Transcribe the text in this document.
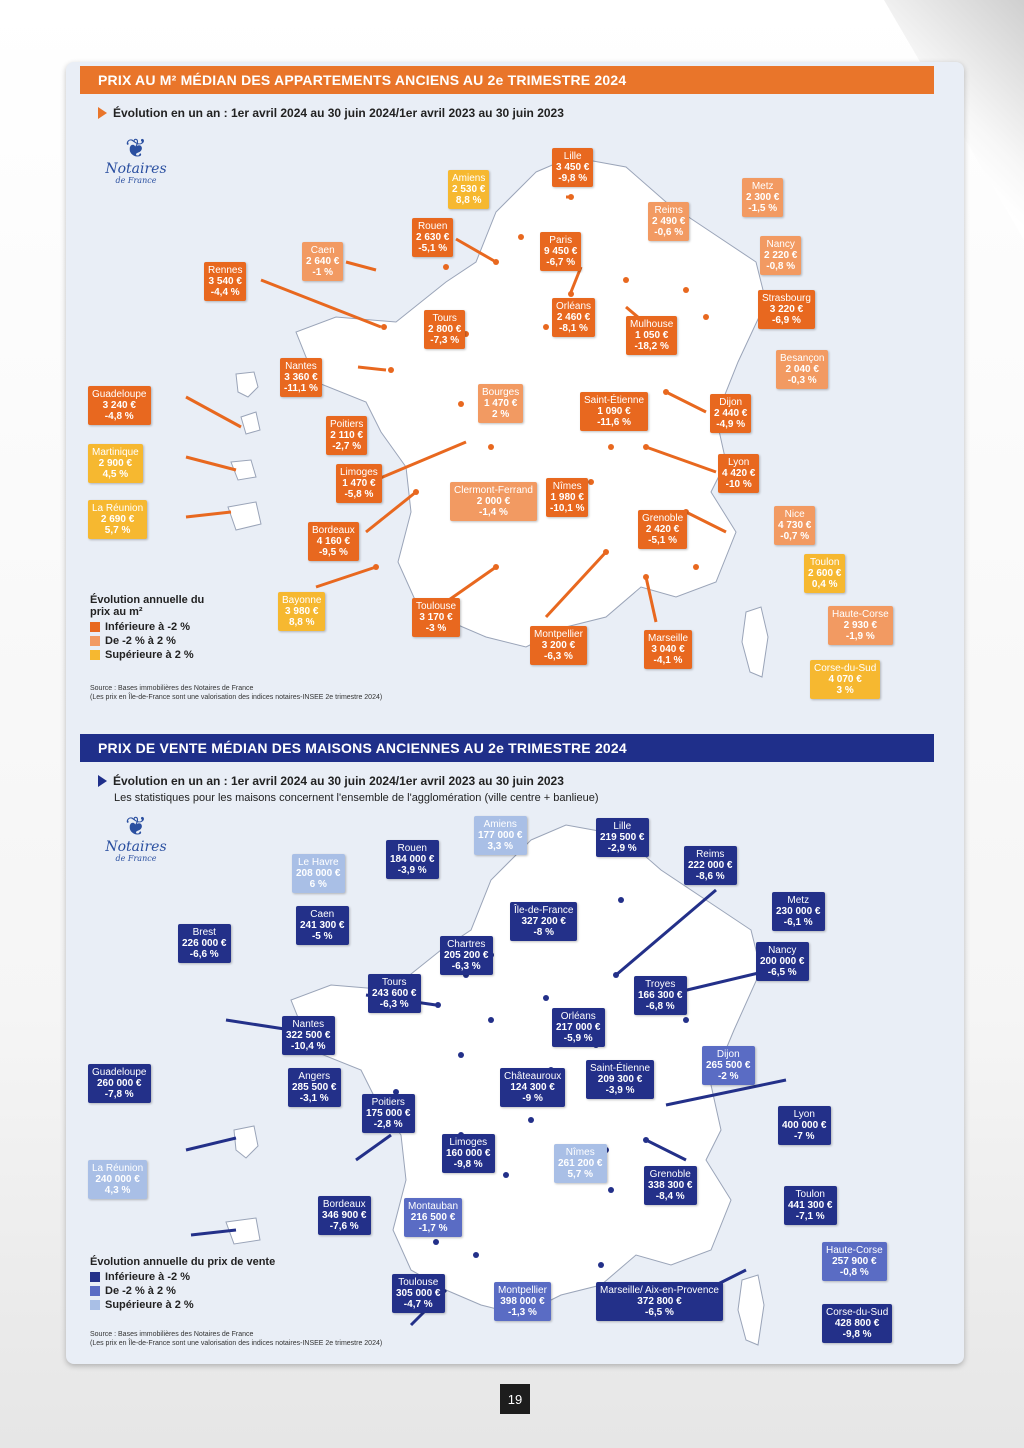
PRIX AU M² MÉDIAN DES APPARTEMENTS ANCIENS AU 2e TRIMESTRE 2024
Évolution en un an : 1er avril 2024 au 30 juin 2024/1er avril 2023 au 30 juin 2023
❦
Notaires
de France
Lille
3 450 €
-9,8 %
Amiens
2 530 €
8,8 %
Metz
2 300 €
-1,5 %
Reims
2 490 €
-0,6 %
Rouen
2 630 €
-5,1 %
Caen
2 640 €
-1 %
Paris
9 450 €
-6,7 %
Nancy
2 220 €
-0,8 %
Rennes
3 540 €
-4,4 %
Strasbourg
3 220 €
-6,9 %
Orléans
2 460 €
-8,1 %
Tours
2 800 €
-7,3 %
Mulhouse
1 050 €
-18,2 %
Nantes
3 360 €
-11,1 %
Besançon
2 040 €
-0,3 %
Guadeloupe
3 240 €
-4,8 %
Bourges
1 470 €
2 %
Saint-Étienne
1 090 €
-11,6 %
Dijon
2 440 €
-4,9 %
Poitiers
2 110 €
-2,7 %
Martinique
2 900 €
4,5 %
Lyon
4 420 €
-10 %
Limoges
1 470 €
-5,8 %	Clermont-Ferrand
2 000 €
-1,4 %
Nîmes
1 980 €
-10,1 %
La Réunion
2 690 €
5,7 %
Nice
4 730 €
-0,7 %
Grenoble
2 420 €
-5,1 %
Bordeaux
4 160 €
-9,5 %
Toulon
2 600 €
0,4 %
Bayonne
3 980 €
8,8 %
Toulouse
3 170 €
-3 %
Haute-Corse
2 930 €
-1,9 %
Montpellier
3 200 €
-6,3 %
Marseille
3 040 €
-4,1 %
Corse-du-Sud
4 070 €
3 %
Évolution annuelle du prix au m²
Inférieure à -2 %
De -2 % à 2 %
Supérieure à 2 %
Source : Bases immobilières des Notaires de France
(Les prix en Île-de-France sont une valorisation des indices notaires-INSEE 2e trimestre 2024)
PRIX DE VENTE MÉDIAN DES MAISONS ANCIENNES AU 2e TRIMESTRE 2024
Évolution en un an : 1er avril 2024 au 30 juin 2024/1er avril 2023 au 30 juin 2023
Les statistiques pour les maisons concernent l'ensemble de l'agglomération (ville centre + banlieue)
❦
Notaires
de France
Amiens
177 000 €
3,3 %
Lille
219 500 €
-2,9 %
Rouen
184 000 €
-3,9 %
Le Havre
208 000 €
6 %
Reims
222 000 €
-8,6 %
Metz
230 000 €
-6,1 %
Caen
241 300 €
-5 %
Île-de-France
327 200 €
-8 %
Brest
226 000 €
-6,6 %
Chartres
205 200 €
-6,3 %
Nancy
200 000 €
-6,5 %
Tours
243 600 €
-6,3 %
Troyes
166 300 €
-6,8 %
Orléans
217 000 €
-5,9 %
Nantes
322 500 €
-10,4 %
Dijon
265 500 €
-2 %
Guadeloupe
260 000 €
-7,8 %
Angers
285 500 €
-3,1 %
Châteauroux
124 300 €
-9 %
Saint-Étienne
209 300 €
-3,9 %
Poitiers
175 000 €
-2,8 %
Lyon
400 000 €
-7 %
Limoges
160 000 €
-9,8 %
Nîmes
261 200 €
5,7 %
La Réunion
240 000 €
4,3 %
Grenoble
338 300 €
-8,4 %	Toulon
441 300 €
-7,1 %
Bordeaux
346 900 €
-7,6 %
Montauban
216 500 €
-1,7 %
Haute-Corse
257 900 €
-0,8 %
Toulouse
305 000 €
-4,7 %
Montpellier
398 000 €
-1,3 %
Marseille/ Aix-en-Provence
372 800 €
-6,5 %	Corse-du-Sud
428 800 €
-9,8 %
Évolution annuelle du prix de vente
Inférieure à -2 %
De -2 % à 2 %
Supérieure à 2 %
Source : Bases immobilières des Notaires de France
(Les prix en Île-de-France sont une valorisation des indices notaires-INSEE 2e trimestre 2024)
19
